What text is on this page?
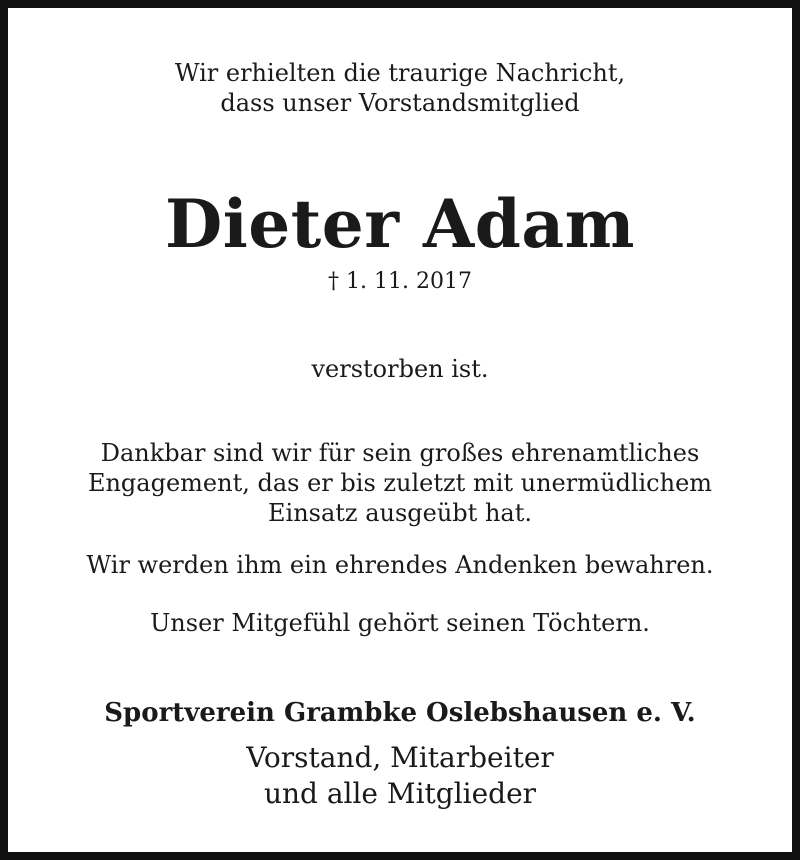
Wir erhielten die traurige Nachricht,
dass unser Vorstandsmitglied
Dieter Adam
† 1. 11. 2017
verstorben ist.
Dankbar sind wir für sein großes ehrenamtliches
Engagement, das er bis zuletzt mit unermüdlichem
Einsatz ausgeübt hat.
Wir werden ihm ein ehrendes Andenken bewahren.
Unser Mitgefühl gehört seinen Töchtern.
Sportverein Grambke Oslebshausen e. V.
Vorstand, Mitarbeiter
und alle Mitglieder
